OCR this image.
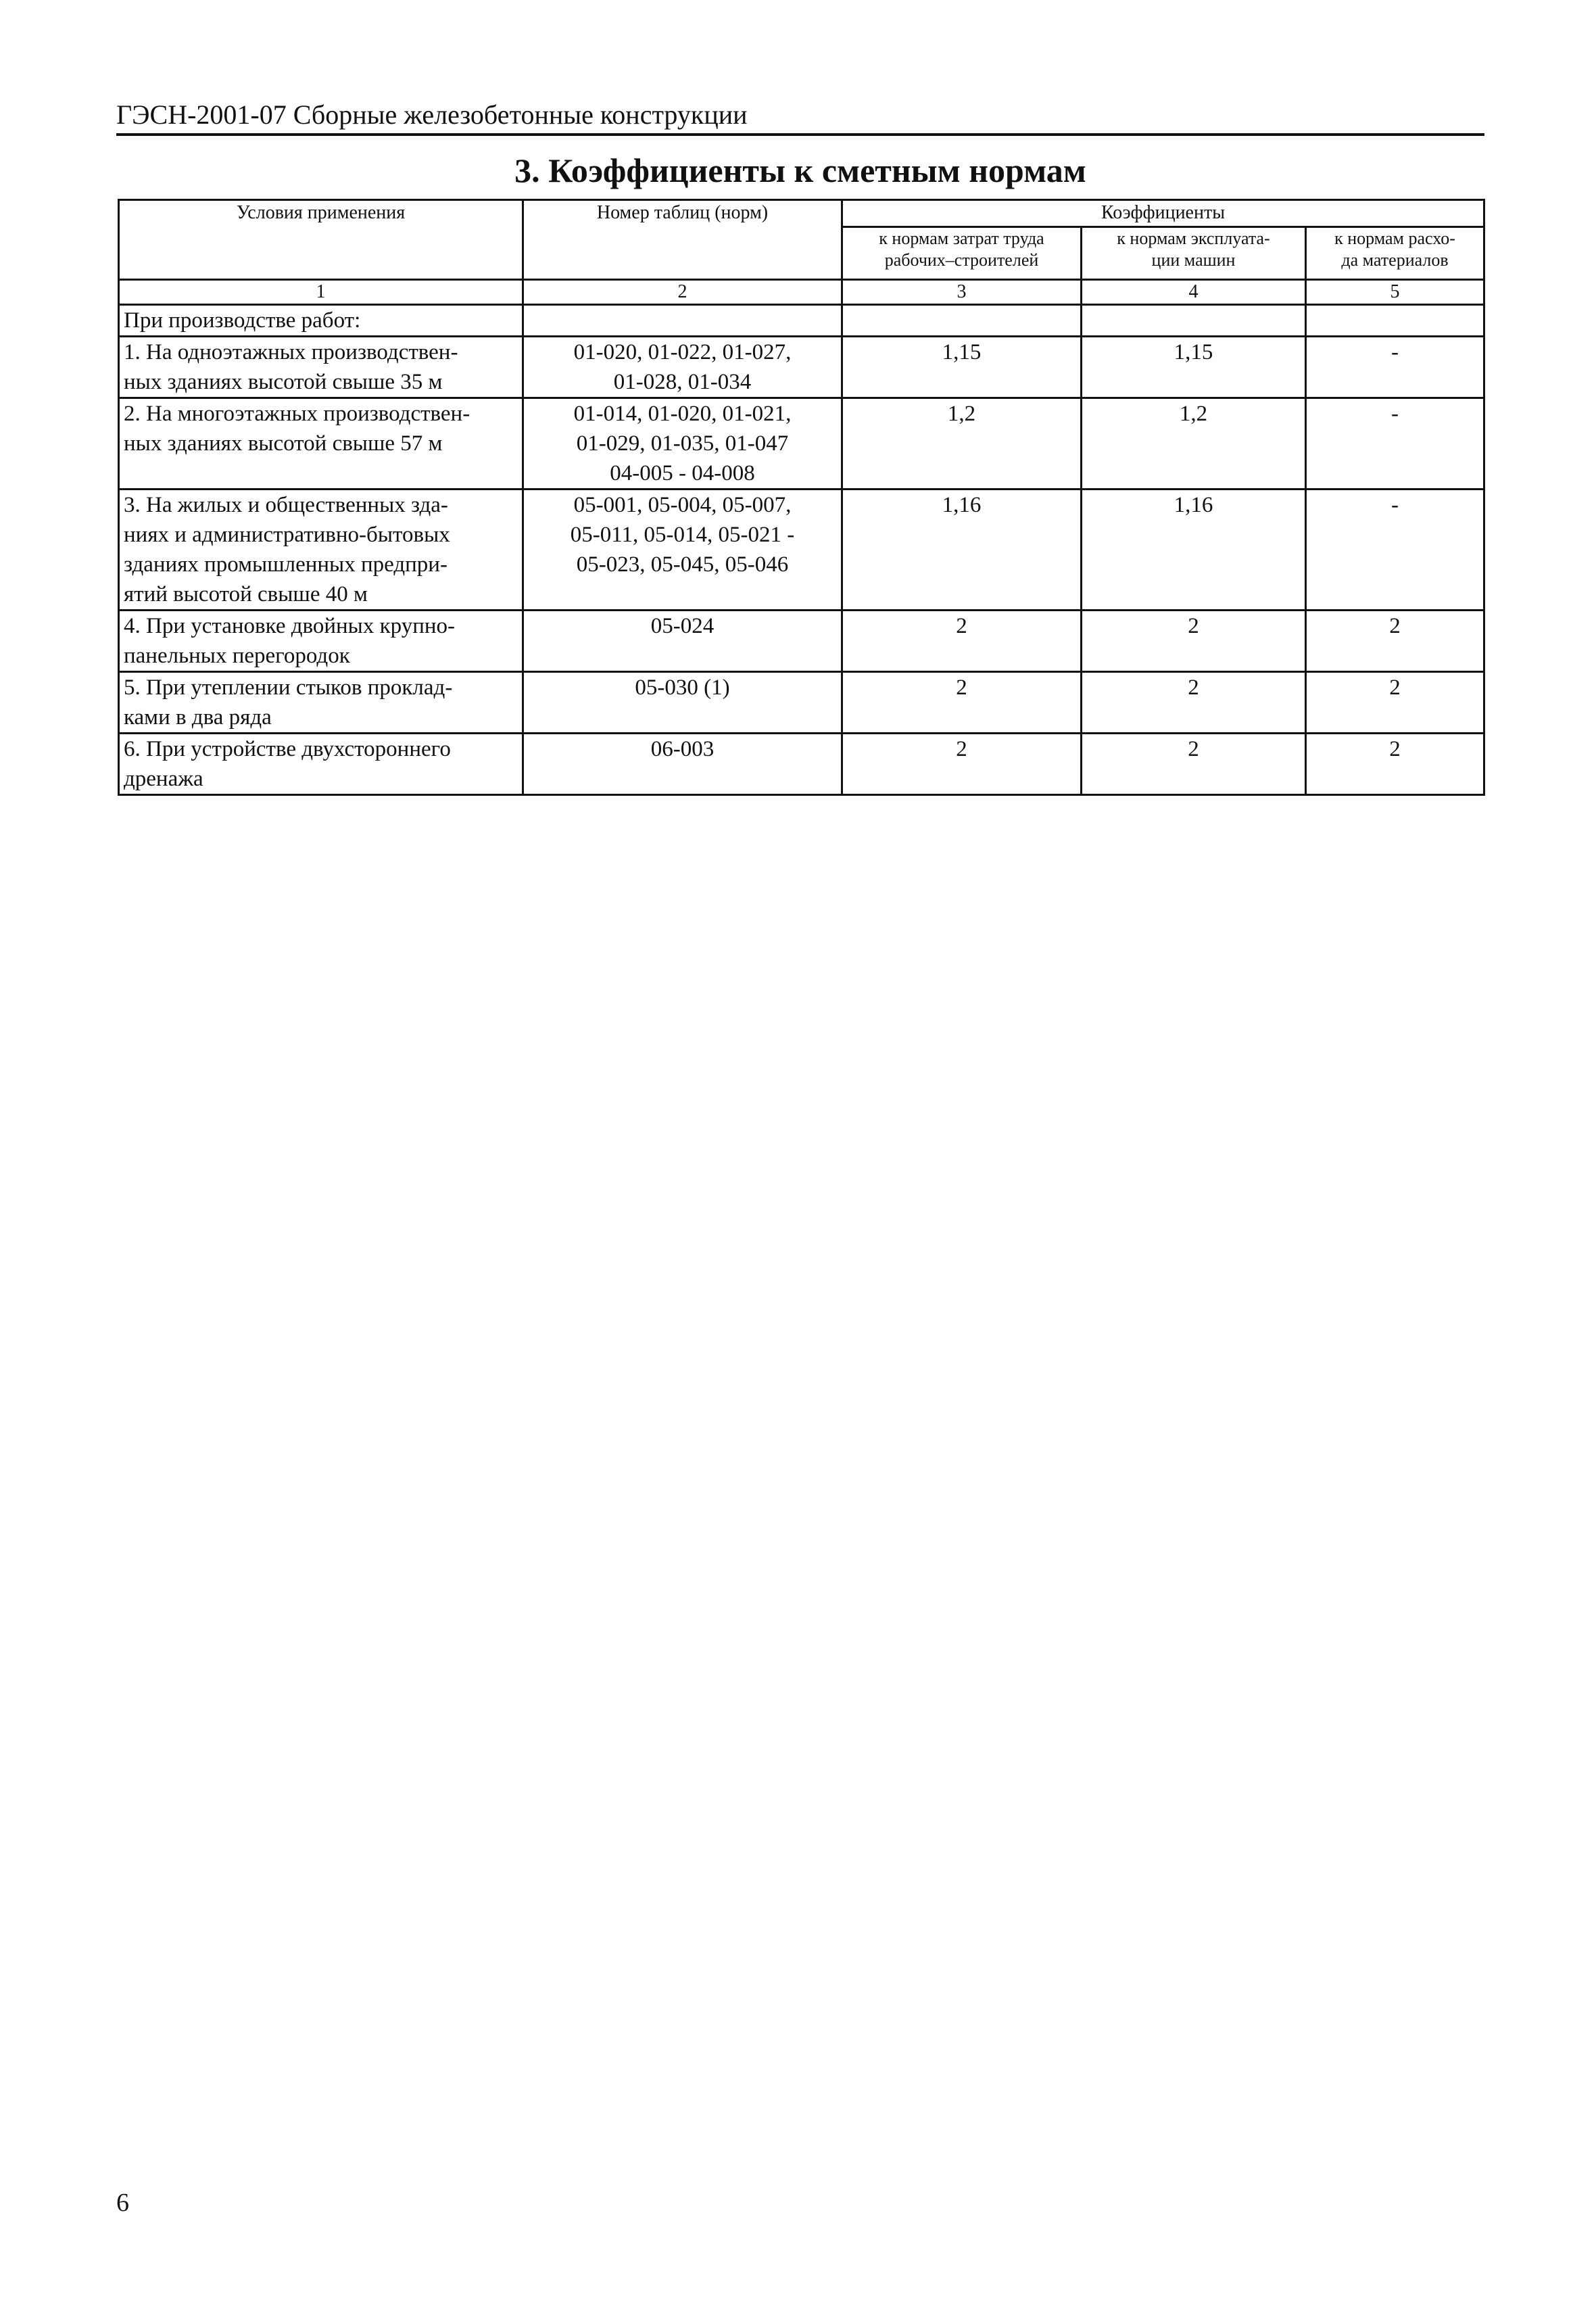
ГЭСН-2001-07 Сборные железобетонные конструкции
3. Коэффициенты к сметным нормам
Условия применения	Номер таблиц (норм)	Коэффициенты		

		к нормам затрат труда
рабочих–строителей	к нормам эксплуата-
ции машин	к нормам расхо-
да материалов

1	2	3	4	5
При производстве работ:				

1. На одноэтажных производствен-
ных зданиях высотой свыше 35 м	01-020, 01-022, 01-027,
01-028, 01-034	1,15	1,15	-

2. На многоэтажных производствен-
ных зданиях высотой свыше 57 м	01-014, 01-020, 01-021,
01-029, 01-035, 01-047
04-005 - 04-008	1,2	1,2	-

3. На жилых и общественных зда-
ниях и административно-бытовых
зданиях промышленных предпри-
ятий высотой свыше 40 м	05-001, 05-004, 05-007,
05-011, 05-014, 05-021 -
05-023, 05-045, 05-046	1,16	1,16	-

4. При установке двойных крупно-
панельных перегородок	05-024	2	2	2

5. При утеплении стыков проклад-
ками в два ряда	05-030 (1)	2	2	2

6. При устройстве двухстороннего
дренажа	06-003	2	2	2
6
